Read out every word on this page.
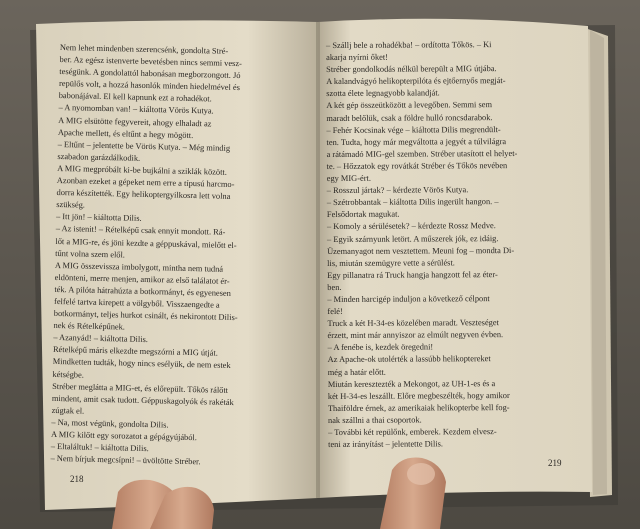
Nem lehet mindenben szerencsénk, gondolta Stré-
ber. Az egész istenverte bevetésben nincs semmi vesz-
teségünk. A gondolattól habonásan megborzongott. Jó
repülős volt, a hozzá hasonlók minden hiedelmével és
babonájával. El kell kapnunk ezt a rohadékot.
– A nyomomban van! – kiáltotta Vörös Kutya.
A MIG elsütötte fegyvereit, ahogy elhaladt az
Apache mellett, és eltűnt a hegy mögött.
– Eltűnt – jelentette be Vörös Kutya. – Még mindig
szabadon garázdálkodik.
A MIG megpróbált ki-be bujkálni a sziklák között.
Azonban ezeket a gépeket nem erre a típusú harcmo-
dorra készítették. Egy helikoptergyilkosra lett volna
szükség.
– Itt jön! – kiáltotta Dilis.
– Az istenit! – Rételképű csak ennyit mondott. Rá-
lőt a MIG-re, és jöni kezdte a géppuskával, mielőtt el-
tűnt volna szem elől.
A MIG összevissza imbolygott, mintha nem tudná
eldönteni, merre menjen, amikor az első találatot ér-
ték. A pilóta hátrahúzta a botkormányt, és egyenesen
felfelé tartva kirepett a völgyből. Visszaengedte a
botkormányt, teljes hurkot csinált, és nekirontott Dilis-
nek és Rételképűnek.
– Azanyád! – kiáltotta Dilis.
Rételképű máris elkezdte megszórni a MIG útját.
Mindketten tudták, hogy nincs esélyük, de nem estek
kétségbe.
Stréber meglátta a MIG-et, és előrepült. Tőkös rálőtt
mindent, amit csak tudott. Géppuskagolyók és rakéták
zúgtak el.
– Na, most végünk, gondolta Dilis.
A MIG kilőtt egy sorozatot a gépágyújából.
– Eltaláltuk! – kiáltotta Dilis.
– Nem bírjuk megcsípni! – üvöltötte Stréber.
– Szállj bele a rohadékba! – ordította Tőkös. – Ki
akarja nyírni őket!
Stréber gondolkodás nélkül berepült a MIG útjába.
A kalandvágyó helikopterpilóta és ejtőernyős megját-
szotta élete legnagyobb kalandját.
A két gép összeütközött a levegőben. Semmi sem
maradt belőlük, csak a földre hulló roncsdarabok.
– Fehér Kocsinak vége – kiáltotta Dilis megrendült-
ten. Tudta, hogy már megváltotta a jegyét a túlvilágra
a rátámadó MIG-gel szemben. Stréber utasított el helyet-
te. – Hőzzatok egy rovátkát Stréber és Tőkös nevében
egy MIG-ért.
– Rosszul jártak? – kérdezte Vörös Kutya.
– Szétrobbantak – kiáltotta Dilis ingerült hangon. –
Felsődortak magukat.
– Komoly a sérülésetek? – kérdezte Rossz Medve.
– Egyik szárnyunk letört. A műszerek jók, ez idáig.
Üzemanyagot nem vesztettem. Meuni fog – mondta Di-
lis, miután szemügyre vette a sérülést.
Egy pillanatra rá Truck hangja hangzott fel az éter-
ben.
– Minden harcigép induljon a következő célpont
felé!
Truck a két H-34-es közelében maradt. Veszteséget
érzett, mint már annyiszor az elmúlt negyven évben.
– A fenébe is, kezdek öregedni!
Az Apache-ok utolérték a lassúbb helikoptereket
még a határ előtt.
Miután keresztezték a Mekongot, az UH-1-es és a
két H-34-es leszállt. Előre megbeszélték, hogy amikor
Thaiföldre érnek, az amerikaiak helikopterbe kell fog-
nak szállni a thai csoportok.
– További két repülőnk, emberek. Kezdem elvesz-
teni az irányítást – jelentette Dilis.
218
219
